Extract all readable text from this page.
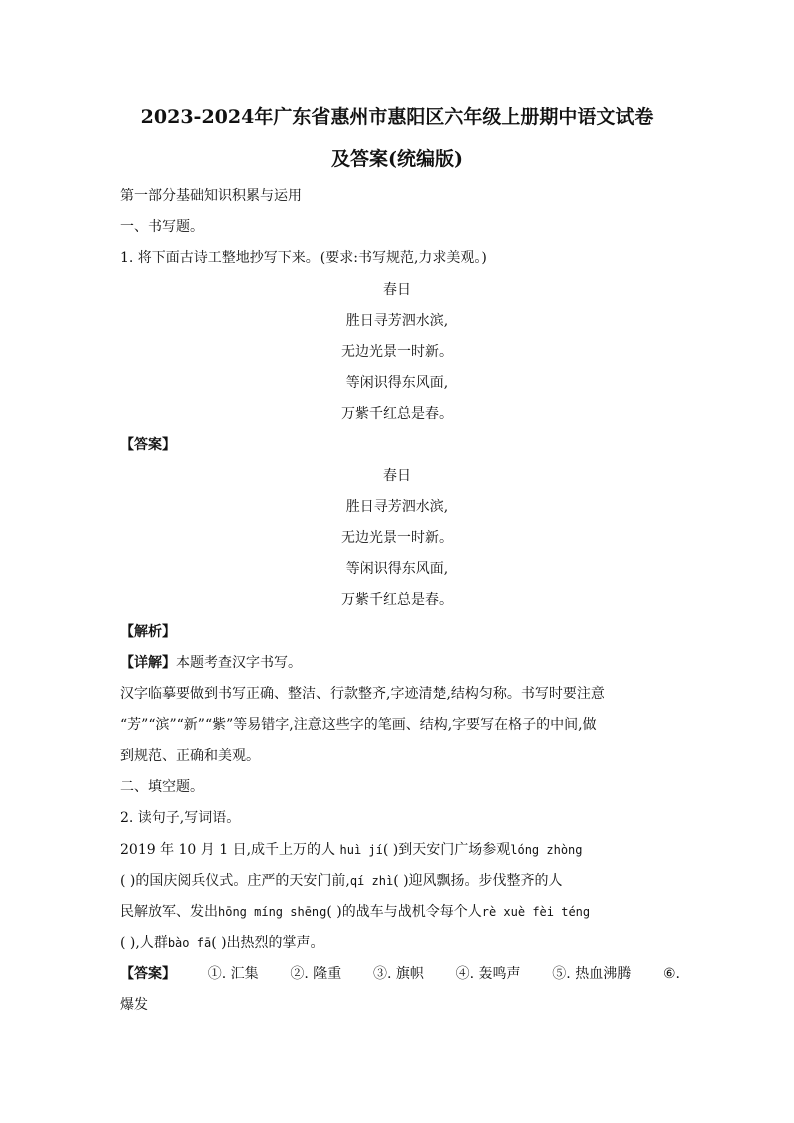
2023-2024年广东省惠州市惠阳区六年级上册期中语文试卷
及答案(统编版)
第一部分基础知识积累与运用
一、书写题。
1. 将下面古诗工整地抄写下来。(要求:书写规范,力求美观。)
春日
胜日寻芳泗水滨,
无边光景一时新。
等闲识得东风面,
万紫千红总是春。
【答案】
春日
胜日寻芳泗水滨,
无边光景一时新。
等闲识得东风面,
万紫千红总是春。
【解析】
【详解】本题考查汉字书写。
汉字临摹要做到书写正确、整洁、行款整齐,字迹清楚,结构匀称。书写时要注意
“芳”“滨”“新”“紫”等易错字,注意这些字的笔画、结构,字要写在格子的中间,做
到规范、正确和美观。
二、填空题。
2. 读句子,写词语。
2019 年 10 月 1 日,成千上万的人 huì jí( )到天安门广场参观lóng zhòng
( )的国庆阅兵仪式。庄严的天安门前,qí zhì( )迎风飘扬。步伐整齐的人
民解放军、发出hōng míng shēng( )的战车与战机令每个人rè xuè fèi téng
( ),人群bào fā( )出热烈的掌声。
【答案】 ①. 汇集 ②. 隆重 ③. 旗帜 ④. 轰鸣声 ⑤. 热血沸腾 ⑥.
爆发
